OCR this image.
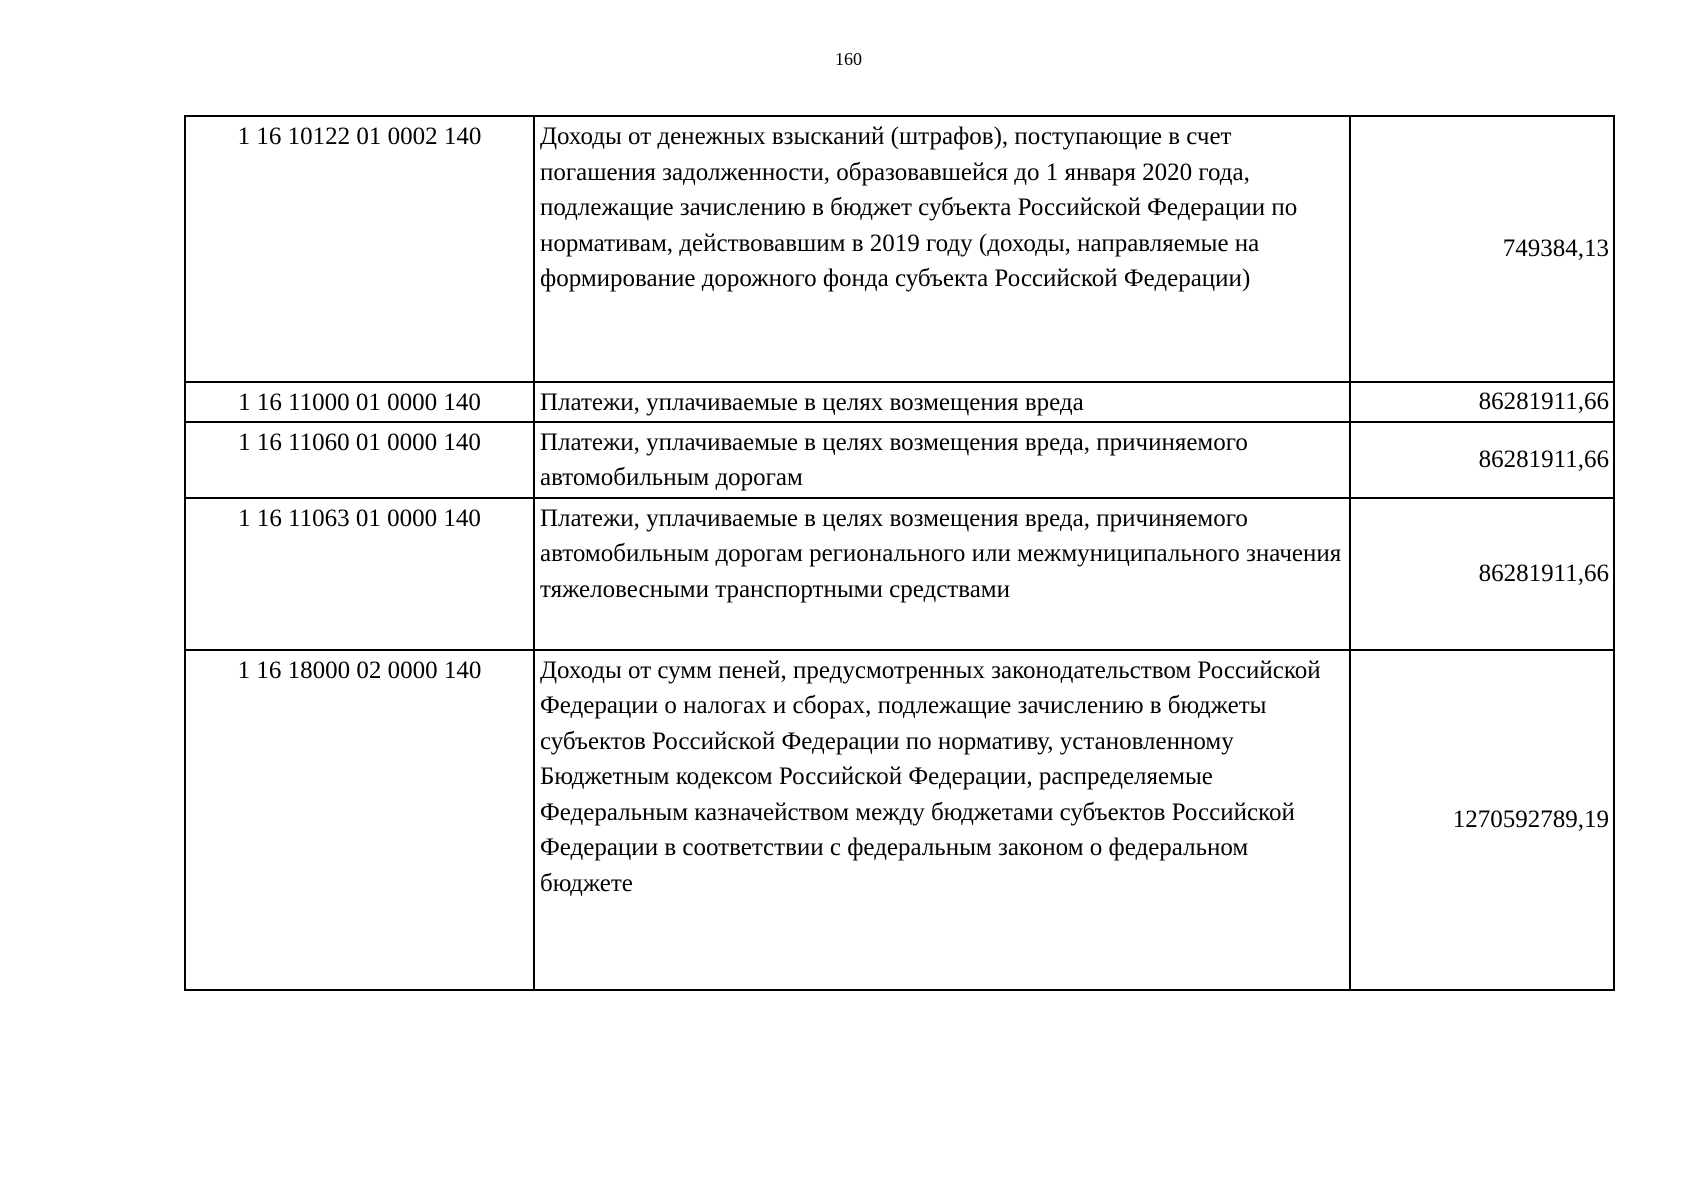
160
1 16 10122 01 0002 140	Доходы от денежных взысканий (штрафов), поступающие в счет погашения задолженности, образовавшейся до 1 января 2020 года, подлежащие зачислению в бюджет субъекта Российской Федерации по нормативам, действовавшим в 2019 году (доходы, направляемые на формирование дорожного фонда субъекта Российской Федерации)	749384,13
1 16 11000 01 0000 140	Платежи, уплачиваемые в целях возмещения вреда	86281911,66
1 16 11060 01 0000 140	Платежи, уплачиваемые в целях возмещения вреда, причиняемого автомобильным дорогам	86281911,66
1 16 11063 01 0000 140	Платежи, уплачиваемые в целях возмещения вреда, причиняемого автомобильным дорогам регионального или межмуниципального значения тяжеловесными транспортными средствами	86281911,66
1 16 18000 02 0000 140	Доходы от сумм пеней, предусмотренных законодательством Российской Федерации о налогах и сборах, подлежащие зачислению в бюджеты субъектов Российской Федерации по нормативу, установленному Бюджетным кодексом Российской Федерации, распределяемые Федеральным казначейством между бюджетами субъектов Российской Федерации в соответствии с федеральным законом о федеральном бюджете	1270592789,19
